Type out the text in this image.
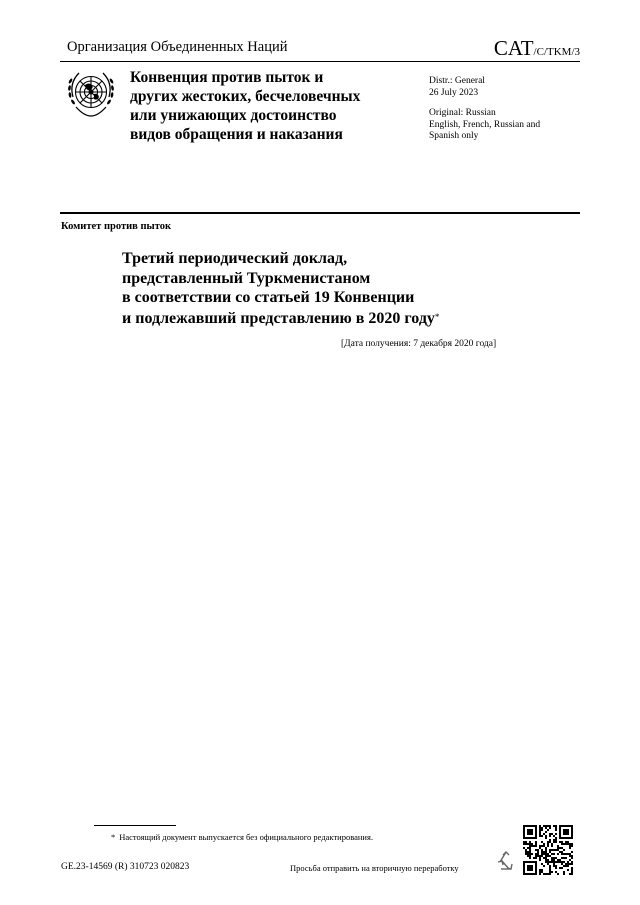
Организация Объединенных Наций	CAT/C/TKM/3
Конвенция против пыток и
других жестоких, бесчеловечных
или унижающих достоинство
видов обращения и наказания
Distr.: General
26 July 2023
Original: Russian
English, French, Russian and
Spanish only
Комитет против пыток
Третий периодический доклад,
представленный Туркменистаном
в соответствии со статьей 19 Конвенции
и подлежавший представлению в 2020 году*
[Дата получения: 7 декабря 2020 года]
* Настоящий документ выпускается без официального редактирования.
GE.23-14569 (R) 310723 020823	Просьба отправить на вторичную переработку
